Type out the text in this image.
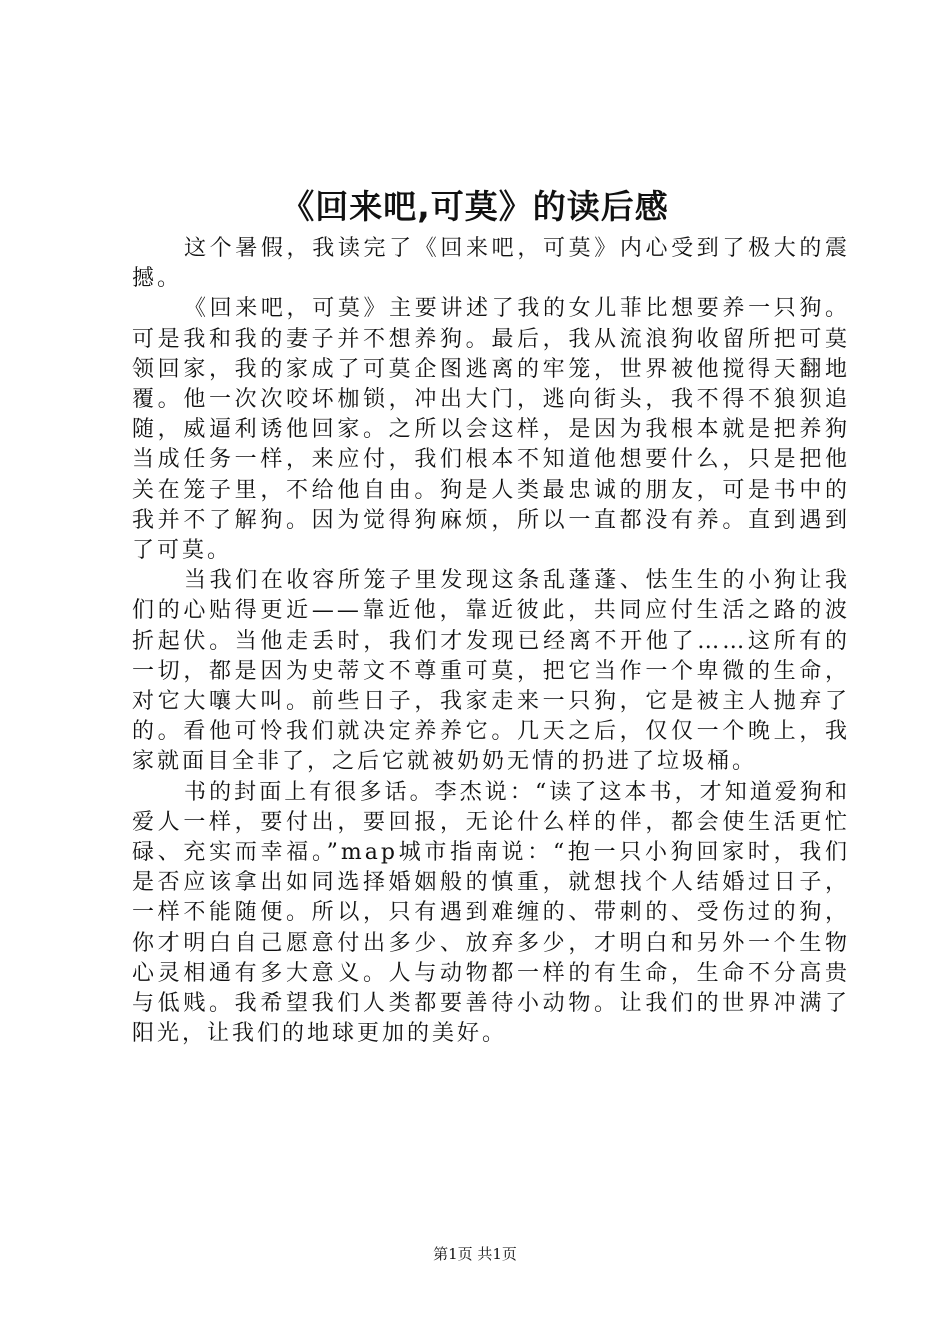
《回来吧,可莫》的读后感

这个暑假，我读完了《回来吧，可莫》内心受到了极大的震撼。

《回来吧，可莫》主要讲述了我的女儿菲比想要养一只狗。可是我和我的妻子并不想养狗。最后，我从流浪狗收留所把可莫领回家，我的家成了可莫企图逃离的牢笼，世界被他搅得天翻地覆。他一次次咬坏枷锁，冲出大门，逃向街头，我不得不狼狈追随，威逼利诱他回家。之所以会这样，是因为我根本就是把养狗当成任务一样，来应付，我们根本不知道他想要什么，只是把他关在笼子里，不给他自由。狗是人类最忠诚的朋友，可是书中的我并不了解狗。因为觉得狗麻烦，所以一直都没有养。直到遇到了可莫。

当我们在收容所笼子里发现这条乱蓬蓬、怯生生的小狗让我们的心贴得更近——靠近他，靠近彼此，共同应付生活之路的波折起伏。当他走丢时，我们才发现已经离不开他了……这所有的一切，都是因为史蒂文不尊重可莫，把它当作一个卑微的生命，对它大嚷大叫。前些日子，我家走来一只狗，它是被主人抛弃了的。看他可怜我们就决定养养它。几天之后，仅仅一个晚上，我家就面目全非了，之后它就被奶奶无情的扔进了垃圾桶。

书的封面上有很多话。李杰说：“读了这本书，才知道爱狗和爱人一样，要付出，要回报，无论什么样的伴，都会使生活更忙碌、充实而幸福。”map城市指南说：“抱一只小狗回家时，我们是否应该拿出如同选择婚姻般的慎重，就想找个人结婚过日子，一样不能随便。所以，只有遇到难缠的、带刺的、受伤过的狗，你才明白自己愿意付出多少、放弃多少，才明白和另外一个生物心灵相通有多大意义。人与动物都一样的有生命，生命不分高贵与低贱。我希望我们人类都要善待小动物。让我们的世界冲满了阳光，让我们的地球更加的美好。

第1页 共1页
